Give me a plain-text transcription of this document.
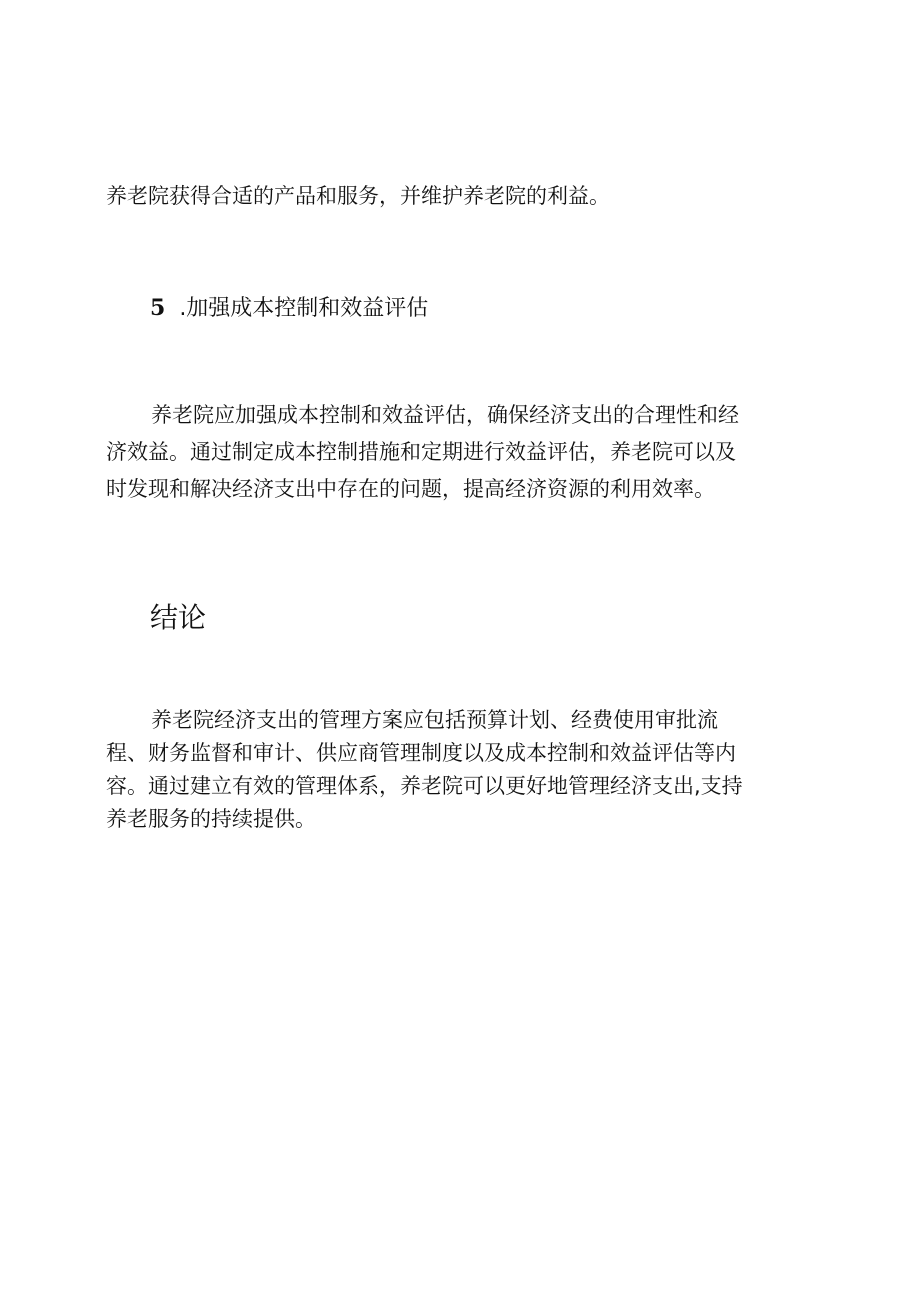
养老院获得合适的产品和服务，并维护养老院的利益。
5 .加强成本控制和效益评估
养老院应加强成本控制和效益评估，确保经济支出的合理性和经
济效益。通过制定成本控制措施和定期进行效益评估，养老院可以及
时发现和解决经济支出中存在的问题，提高经济资源的利用效率。
结论
养老院经济支出的管理方案应包括预算计划、经费使用审批流
程、财务监督和审计、供应商管理制度以及成本控制和效益评估等内
容。通过建立有效的管理体系，养老院可以更好地管理经济支出,支持
养老服务的持续提供。
